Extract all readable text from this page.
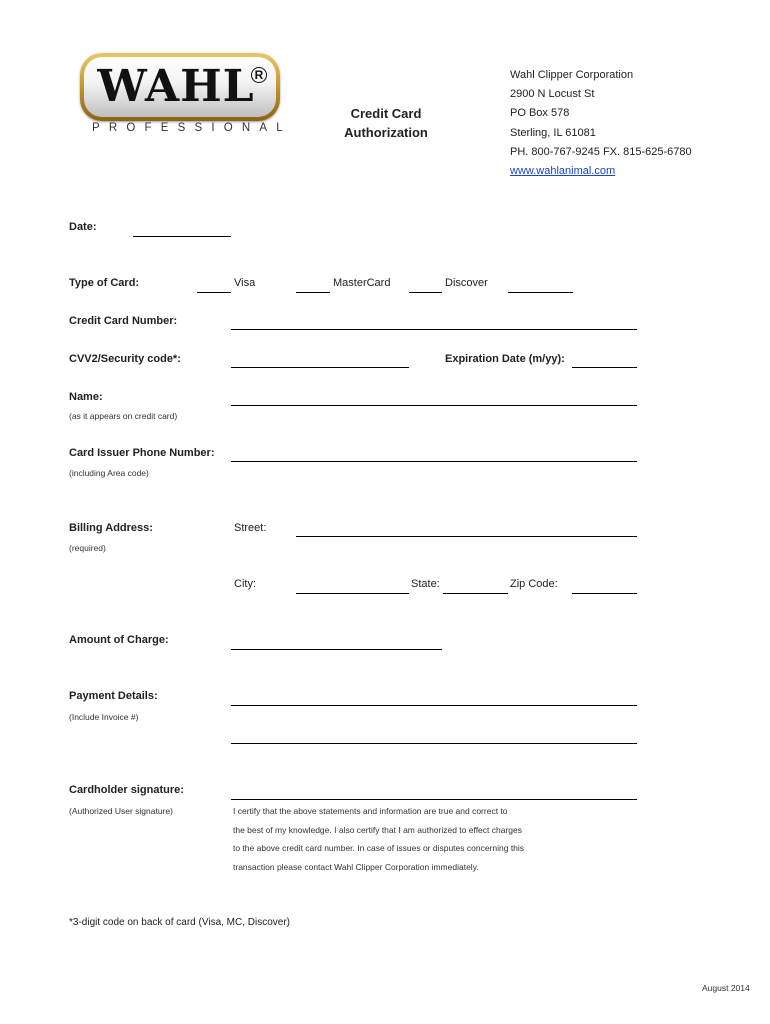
WAHL R
PROFESSIONAL
Credit Card
Authorization
Wahl Clipper Corporation
2900 N Locust St
PO Box 578
Sterling, IL 61081
PH. 800-767-9245 FX. 815-625-6780
www.wahlanimal.com
Date:
Type of Card:	Visa	MasterCard	Discover
Credit Card Number:
CVV2/Security code*:	Expiration Date (m/yy):
Name:
(as it appears on credit card)
Card Issuer Phone Number:
(including Area code)
Billing Address:
(required)
Street:
City:	State:	Zip Code:
Amount of Charge:
Payment Details:
(Include Invoice #)
Cardholder signature:
(Authorized User signature)	I certify that the above statements and information are true and correct to
the best of my knowledge. I also certify that I am authorized to effect charges
to the above credit card number. In case of issues or disputes concerning this
transaction please contact Wahl Clipper Corporation immediately.
*3-digit code on back of card (Visa, MC, Discover)
August 2014
